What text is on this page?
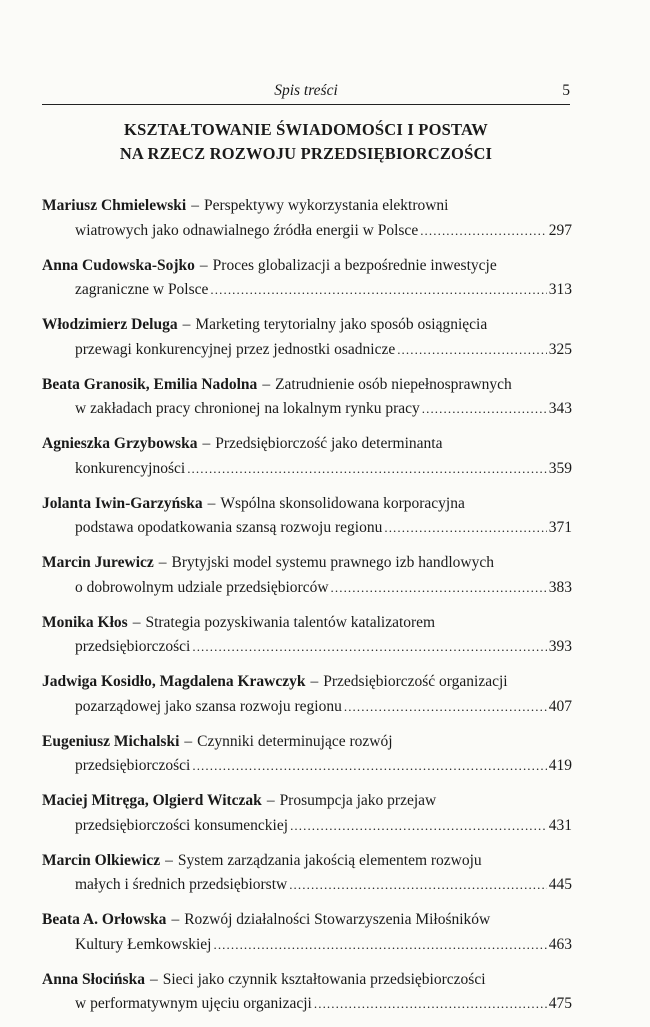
Spis treści	5
KSZTAŁTOWANIE ŚWIADOMOŚCI I POSTAW
NA RZECZ ROZWOJU PRZEDSIĘBIORCZOŚCI
Mariusz Chmielewski – Perspektywy wykorzystania elektrowni
wiatrowych jako odnawialnego źródła energii w Polsce .....	297
Anna Cudowska-Sojko – Proces globalizacji a bezpośrednie inwestycje
zagraniczne w Polsce .....	313
Włodzimierz Deluga – Marketing terytorialny jako sposób osiągnięcia
przewagi konkurencyjnej przez jednostki osadnicze .....	325
Beata Granosik, Emilia Nadolna – Zatrudnienie osób niepełnosprawnych
w zakładach pracy chronionej na lokalnym rynku pracy .....	343
Agnieszka Grzybowska – Przedsiębiorczość jako determinanta
konkurencyjności .....	359
Jolanta Iwin-Garzyńska – Wspólna skonsolidowana korporacyjna
podstawa opodatkowania szansą rozwoju regionu .....	371
Marcin Jurewicz – Brytyjski model systemu prawnego izb handlowych
o dobrowolnym udziale przedsiębiorców .....	383
Monika Kłos – Strategia pozyskiwania talentów katalizatorem
przedsiębiorczości .....	393
Jadwiga Kosidło, Magdalena Krawczyk – Przedsiębiorczość organizacji
pozarządowej jako szansa rozwoju regionu .....	407
Eugeniusz Michalski – Czynniki determinujące rozwój
przedsiębiorczości .....	419
Maciej Mitręga, Olgierd Witczak – Prosumpcja jako przejaw
przedsiębiorczości konsumenckiej .....	431
Marcin Olkiewicz – System zarządzania jakością elementem rozwoju
małych i średnich przedsiębiorstw .....	445
Beata A. Orłowska – Rozwój działalności Stowarzyszenia Miłośników
Kultury Łemkowskiej .....	463
Anna Słocińska – Sieci jako czynnik kształtowania przedsiębiorczości
w performatywnym ujęciu organizacji .....	475
